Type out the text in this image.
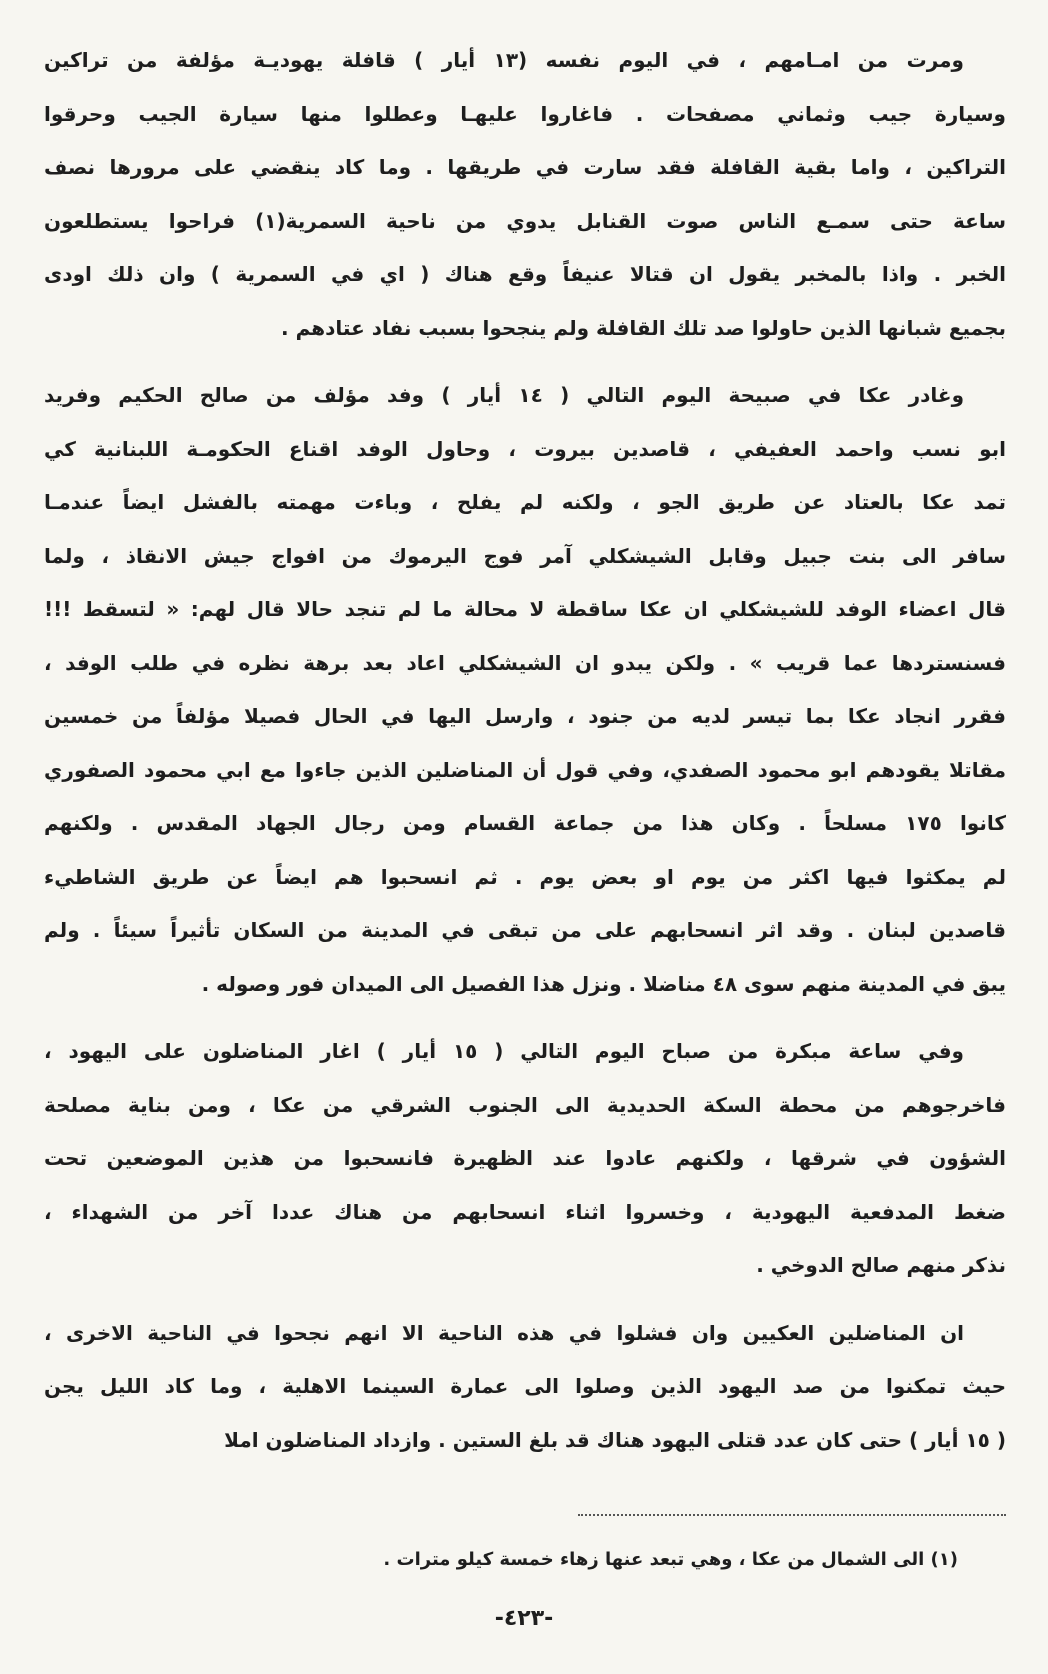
ومرت من امـامهم ، في اليوم نفسه (١٣ أيار ) قافلة يهوديـة مؤلفة من تراكين
وسيارة جيب وثماني مصفحات . فاغاروا عليهـا وعطلوا منها سيارة الجيب وحرقوا
التراكين ، واما بقية القافلة فقد سارت في طريقها . وما كاد ينقضي على مرورها نصف
ساعة حتى سمـع الناس صوت القنابل يدوي من ناحية السمرية(١) فراحوا يستطلعون
الخبر . واذا بالمخبر يقول ان قتالا عنيفاً وقع هناك ( اي في السمرية ) وان ذلك اودى
بجميع شبانها الذين حاولوا صد تلك القافلة ولم ينجحوا بسبب نفاد عتادهم .
وغادر عكا في صبيحة اليوم التالي ( ١٤ أيار ) وفد مؤلف من صالح الحكيم وفريد
ابو نسب واحمد العفيفي ، قاصدين بيروت ، وحاول الوفد اقناع الحكومـة اللبنانية كي
تمد عكا بالعتاد عن طريق الجو ، ولكنه لم يفلح ، وباءت مهمته بالفشل ايضاً عندمـا
سافر الى بنت جبيل وقابل الشيشكلي آمر فوج اليرموك من افواج جيش الانقاذ ، ولما
قال اعضاء الوفد للشيشكلي ان عكا ساقطة لا محالة ما لم تنجد حالا قال لهم: « لتسقط !!!
فسنستردها عما قريب » . ولكن يبدو ان الشيشكلي اعاد بعد برهة نظره في طلب الوفد ،
فقرر انجاد عكا بما تيسر لديه من جنود ، وارسل اليها في الحال فصيلا مؤلفاً من خمسين
مقاتلا يقودهم ابو محمود الصفدي، وفي قول أن المناضلين الذين جاءوا مع ابي محمود الصفوري
كانوا ١٧٥ مسلحاً . وكان هذا من جماعة القسام ومن رجال الجهاد المقدس . ولكنهم
لم يمكثوا فيها اكثر من يوم او بعض يوم . ثم انسحبوا هم ايضاً عن طريق الشاطيء
قاصدين لبنان . وقد اثر انسحابهم على من تبقى في المدينة من السكان تأثيراً سيئاً . ولم
يبق في المدينة منهم سوى ٤٨ مناضلا . ونزل هذا الفصيل الى الميدان فور وصوله .
وفي ساعة مبكرة من صباح اليوم التالي ( ١٥ أيار ) اغار المناضلون على اليهود ،
فاخرجوهم من محطة السكة الحديدية الى الجنوب الشرقي من عكا ، ومن بناية مصلحة
الشؤون في شرقها ، ولكنهم عادوا عند الظهيرة فانسحبوا من هذين الموضعين تحت
ضغط المدفعية اليهودية ، وخسروا اثناء انسحابهم من هناك عددا آخر من الشهداء ،
نذكر منهم صالح الدوخي .
ان المناضلين العكيين وان فشلوا في هذه الناحية الا انهم نجحوا في الناحية الاخرى ،
حيث تمكنوا من صد اليهود الذين وصلوا الى عمارة السينما الاهلية ، وما كاد الليل يجن
( ١٥ أيار ) حتى كان عدد قتلى اليهود هناك قد بلغ الستين . وازداد المناضلون املا
(١) الى الشمال من عكا ، وهي تبعد عنها زهاء خمسة كيلو مترات .
-٤٢٣-
